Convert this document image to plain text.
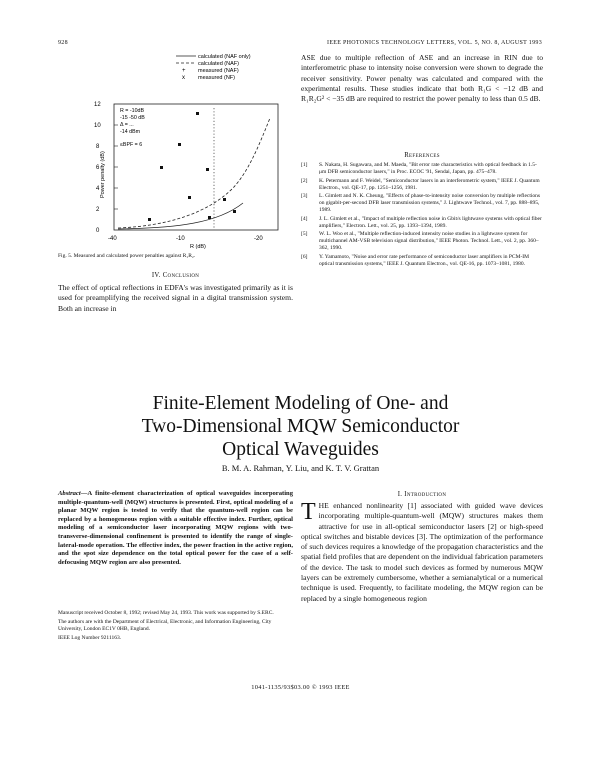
928	IEEE PHOTONICS TECHNOLOGY LETTERS, VOL. 5, NO. 8, AUGUST 1993
calculated (NAF only)
calculated (NAF)
+ measured (NAF)
x measured (NF)
12
10
8
6
4
2
0
Power penalty (dB)
R = -10dB
-15 -50 dB
Δ = ...
-14 dBm
≤BPF = 6
-40	-10	-20
R (dB)
Fig. 5. Measured and calculated power penalties against R₁R₂.
IV. Conclusion
The effect of optical reflections in EDFA's was investigated primarily as it is used for preamplifying the received signal in a digital transmission system. Both an increase in
ASE due to multiple reflection of ASE and an increase in RIN due to interferometric phase to intensity noise conversion were shown to degrade the receiver sensitivity. Power penalty was calculated and compared with the experimental results. These studies indicate that both R₁G < −12 dB and R₁R₂G² < −35 dB are required to restrict the power penalty to less than 0.5 dB.
References
[1]	S. Nakata, H. Sugawara, and M. Maeda, "Bit error rate characteristics with optical feedback in 1.5-μm DFB semiconductor lasers," in Proc. ECOC '91, Sendai, Japan, pp. 475–478.
[2]	K. Petermann and F. Weidel, "Semiconductor lasers in an interferometric system," IEEE J. Quantum Electron., vol. QE-17, pp. 1251–1256, 1981.
[3]	L. Gimlett and N. K. Cheung, "Effects of phase-to-intensity noise conversion by multiple reflections on gigabit-per-second DFB laser transmission systems," J. Lightwave Technol., vol. 7, pp. 888–895, 1989.
[4]	J. L. Gimlett et al., "Impact of multiple reflection noise in Gbit/s lightwave systems with optical fiber amplifiers," Electron. Lett., vol. 25, pp. 1393–1394, 1989.
[5]	W. L. Woo et al., "Multiple reflection-induced intensity noise studies in a lightwave system for multichannel AM-VSB television signal distribution," IEEE Photon. Technol. Lett., vol. 2, pp. 360–362, 1990.
[6]	Y. Yamamoto, "Noise and error rate performance of semiconductor laser amplifiers in PCM-IM optical transmission systems," IEEE J. Quantum Electron., vol. QE-16, pp. 1073–1081, 1980.
Finite-Element Modeling of One- and
Two-Dimensional MQW Semiconductor
Optical Waveguides
B. M. A. Rahman, Y. Liu, and K. T. V. Grattan
Abstract—A finite-element characterization of optical waveguides incorporating multiple-quantum-well (MQW) structures is presented. First, optical modeling of a planar MQW region is tested to verify that the quantum-well region can be replaced by a homogeneous region with a suitable effective index. Further, optical modeling of a semiconductor laser incorporating MQW regions with two-transverse-dimensional confinement is presented to identify the range of single-lateral-mode operation. The effective index, the power fraction in the active region, and the spot size dependence on the total optical power for the case of a self-defocusing MQW region are also presented.
Manuscript received October 8, 1992; revised May 24, 1993. This work was supported by S.ERC.
The authors are with the Department of Electrical, Electronic, and Information Engineering, City University, London EC1V 0HB, England.
IEEE Log Number 9211163.
I. Introduction
THE enhanced nonlinearity [1] associated with guided wave devices incorporating multiple-quantum-well (MQW) structures makes them attractive for use in all-optical semiconductor lasers [2] or high-speed optical switches and bistable devices [3]. The optimization of the performance of such devices requires a knowledge of the propagation characteristics and the spatial field profiles that are dependent on the individual fabrication parameters of the device. The task to model such devices as formed by numerous MQW layers can be extremely cumbersome, whether a semianalytical or a numerical technique is used. Frequently, to facilitate modeling, the MQW region can be replaced by a single homogeneous region
1041-1135/93$03.00 © 1993 IEEE
